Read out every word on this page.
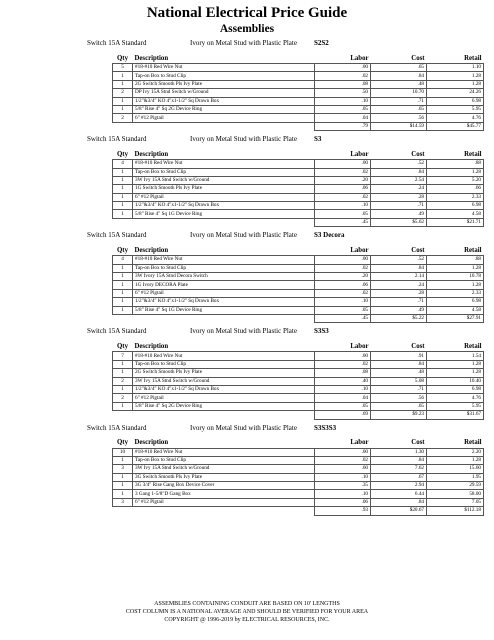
National Electrical Price Guide
Assemblies
Switch 15A Standard	Ivory on Metal Stud with Plastic Plate S2S2
Qty	Description	Labor	Cost	Retail
5	#18-#10 Red Wire Nut	.00	.65	1.10
1	Tap-on Box to Stud Clip	.02	.84	1.28
1	2G Switch Smooth Pls Ivy Plate	.08	.48	1.28
2	DP Ivy 15A Stnd Switch w/Ground	.50	10.70	24.26
1	1/2"&3/4" KO 4"x1-1/2" Sq Drawn Box	.10	.71	6.98
1	5/8" Rise 4" Sq 2G Device Ring	.05	.65	5.95
2	6" #12 Pigtail	.04	.56	4.76
		.79	$14.59	$45.77
Switch 15A Standard	Ivory on Metal Stud with Plastic Plate S3
Qty	Description	Labor	Cost	Retail
4	#18-#10 Red Wire Nut	.00	.52	.88
1	Tap-on Box to Stud Clip	.02	.84	1.28
1	3W Ivy 15A Stnd Switch w/Ground	.20	2.54	5.20
1	1G Switch Smooth Pls Ivy Plate	.06	.24	.66
1	6" #12 Pigtail	.02	.28	2.33
1	1/2"&3/4" KO 4"x1-1/2" Sq Drawn Box	.10	.71	6.98
1	5/8" Rise 4" Sq 1G Device Ring	.05	.49	4.58
		.45	$5.62	$21.71
Switch 15A Standard	Ivory on Metal Stud with Plastic Plate S3 Decora
Qty	Description	Labor	Cost	Retail
4	#18-#10 Red Wire Nut	.00	.52	.88
1	Tap-on Box to Stud Clip	.02	.84	1.28
1	3W Ivory 15A Stnd Decora Switch	.20	2.14	10.78
1	1G Ivory DECORA Plate	.06	.24	1.28
1	6" #12 Pigtail	.02	.28	2.33
1	1/2"&3/4" KO 4"x1-1/2" Sq Drawn Box	.10	.71	6.98
1	5/8" Rise 4" Sq 1G Device Ring	.05	.49	4.58
		.45	$5.22	$27.91
Switch 15A Standard	Ivory on Metal Stud with Plastic Plate S3S3
Qty	Description	Labor	Cost	Retail
7	#18-#10 Red Wire Nut	.00	.91	1.54
1	Tap-on Box to Stud Clip	.02	.84	1.28
1	2G Switch Smooth Pls Ivy Plate	.08	.48	1.28
2	3W Ivy 15A Stnd Switch w/Ground	.40	5.08	10.40
1	1/2"&3/4" KO 4"x1-1/2" Sq Drawn Box	.10	.71	6.98
2	6" #12 Pigtail	.04	.56	4.76
1	5/8" Rise 4" Sq 2G Device Ring	.05	.65	5.95
		.69	$9.23	$31.67
Switch 15A Standard	Ivory on Metal Stud with Plastic Plate S3S3S3
Qty	Description	Labor	Cost	Retail
10	#18-#10 Red Wire Nut	.00	1.30	2.20
1	Tap-on Box to Stud Clip	.02	.84	1.28
3	3W Ivy 15A Stnd Switch w/Ground	.60	7.62	15.60
1	3G Switch Smooth Pls Ivy Plate	.10	.67	1.95
1	3G 3/4" Rise Gang Box Device Cover	.35	2.94	29.59
1	3 Gang 1-5/8"D Gang Box	.10	6.44	58.00
3	6" #12 Pigtail	.06	.84	7.05
		.93	$20.67	$112.18
ASSEMBLIES CONTAINING CONDUIT ARE BASED ON 10' LENGTHS
COST COLUMN IS A NATIONAL AVERAGE AND SHOULD BE VERIFIED FOR YOUR AREA
COPYRIGHT @ 1996-2019 by ELECTRICAL RESOURCES, INC.
